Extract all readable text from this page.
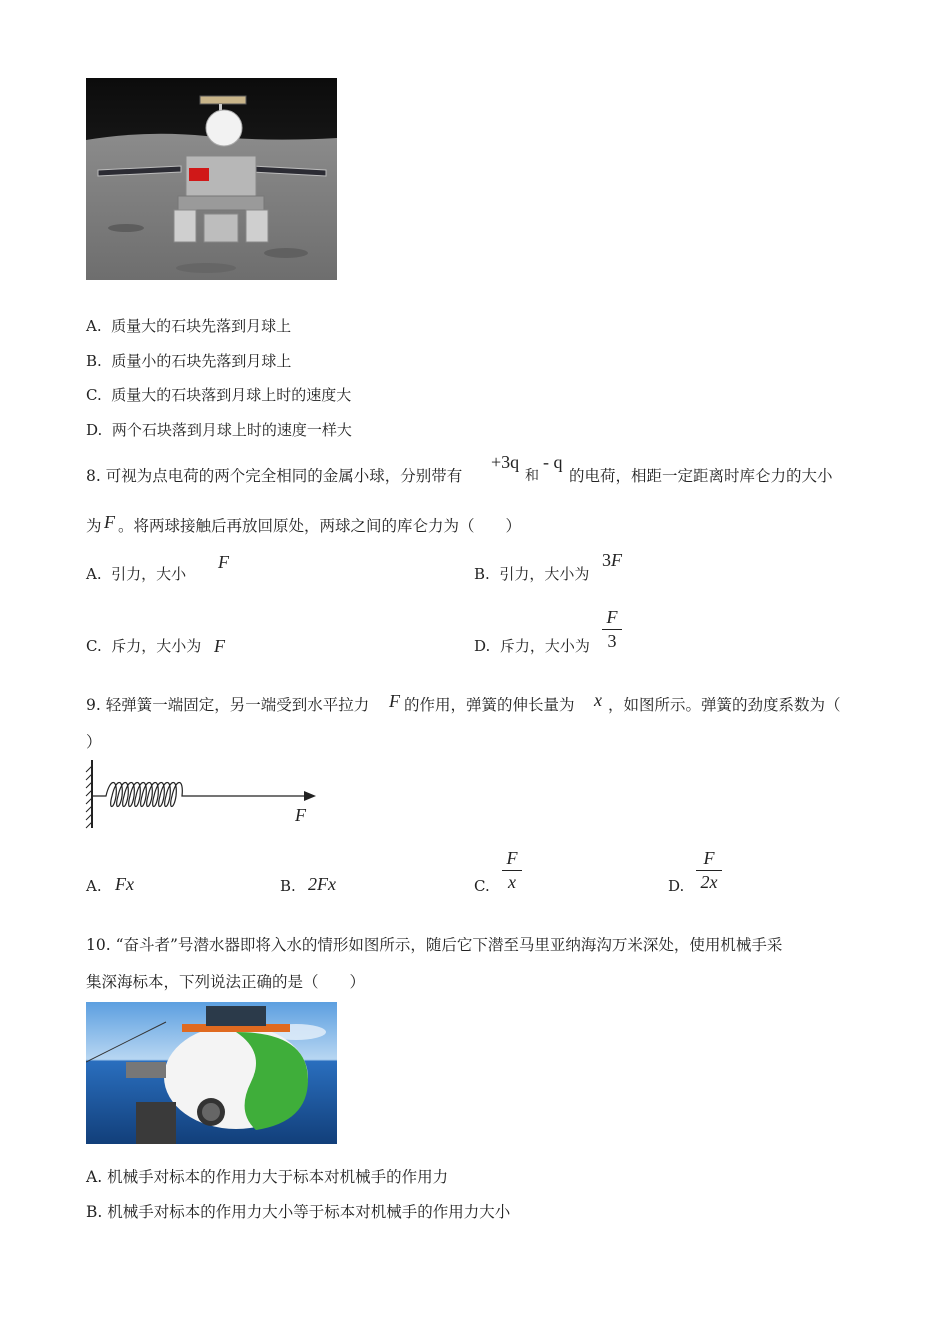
A. 质量大的石块先落到月球上
B. 质量小的石块先落到月球上
C. 质量大的石块落到月球上时的速度大
D. 两个石块落到月球上时的速度一样大
8. 可视为点电荷的两个完全相同的金属小球，分别带有
+3q
和
- q
的电荷，相距一定距离时库仑力的大小
为 F 。将两球接触后再放回原处，两球之间的库仑力为（　　）
A. 引力，大小
F
B. 引力，大小为
3F
C. 斥力，大小为 F	D. 斥力，大小为
F
3
9. 轻弹簧一端固定，另一端受到水平拉力 F 的作用，弹簧的伸长量为 x ，如图所示。弹簧的劲度系数为（
）
F
A. Fx	B. 2Fx	C.
F
x	D.
F
2x
10. “奋斗者”号潜水器即将入水的情形如图所示，随后它下潜至马里亚纳海沟万米深处，使用机械手采
集深海标本，下列说法正确的是（　　）
A. 机械手对标本的作用力大于标本对机械手的作用力
B. 机械手对标本的作用力大小等于标本对机械手的作用力大小
